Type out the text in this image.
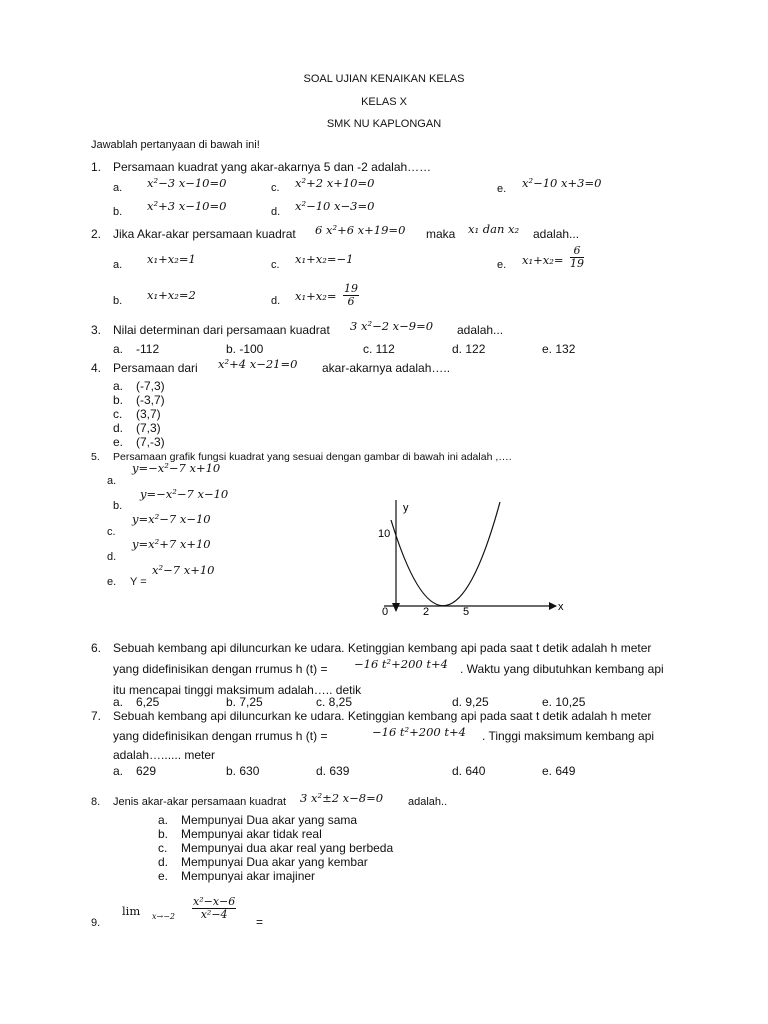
SOAL UJIAN KENAIKAN KELAS
KELAS X
SMK NU KAPLONGAN
Jawablah pertanyaan di bawah ini!
1. Persamaan kuadrat yang akar-akarnya 5 dan -2 adalah……
a. x²−3 x−10=0	c. x²+2 x+10=0	e. x²−10 x+3=0
b. x²+3 x−10=0	d. x²−10 x−3=0
2. Jika Akar-akar persamaan kuadrat 6 x²+6 x+19=0 maka x₁ dan x₂ adalah...
a. x₁+x₂=1	c. x₁+x₂=−1	e. $x_1+x_2= \frac{6}{19}$
b. x₁+x₂=2	d. $x_1+x_2= \frac{19}{6}$
3. Nilai determinan dari persamaan kuadrat 3 x²−2 x−9=0 adalah...
a. -112	b. -100	c. 112	d. 122	e. 132
4. Persamaan dari x²+4 x−21=0 akar-akarnya adalah…..
a. (-7,3)
b. (-3,7)
c. (3,7)
d. (7,3)
e. (7,-3)
5. Persamaan grafik fungsi kuadrat yang sesuai dengan gambar di bawah ini adalah ,….
y=−x²−7 x+10
a.
y=−x²−7 x−10
b.
y=x²−7 x−10
c.
y=x²+7 x+10
d.
x²−7 x+10
e. Y =
y
x
10
0	2	5
6. Sebuah kembang api diluncurkan ke udara. Ketinggian kembang api pada saat t detik adalah h meter
yang didefinisikan dengan rrumus h (t) = −16 t²+200 t+4 . Waktu yang dibutuhkan kembang api
itu mencapai tinggi maksimum adalah….. detik
a. 6,25	b. 7,25	c. 8,25	d. 9,25	e. 10,25
7. Sebuah kembang api diluncurkan ke udara. Ketinggian kembang api pada saat t detik adalah h meter
yang didefinisikan dengan rrumus h (t) =	−16 t²+200 t+4 . Tinggi maksimum kembang api
adalah…...... meter
a. 629	b. 630	d. 639	d. 640	e. 649
8. Jenis akar-akar persamaan kuadrat 3 x²±2 x−8=0 adalah..
a. Mempunyai Dua akar yang sama
b. Mempunyai akar tidak real
c. Mempunyai dua akar real yang berbeda
d. Mempunyai Dua akar yang kembar
e. Mempunyai akar imajiner
9.
$\lim x\to-2 \frac{\text{x²−x−6}}{\text{x²−4}}$
=
